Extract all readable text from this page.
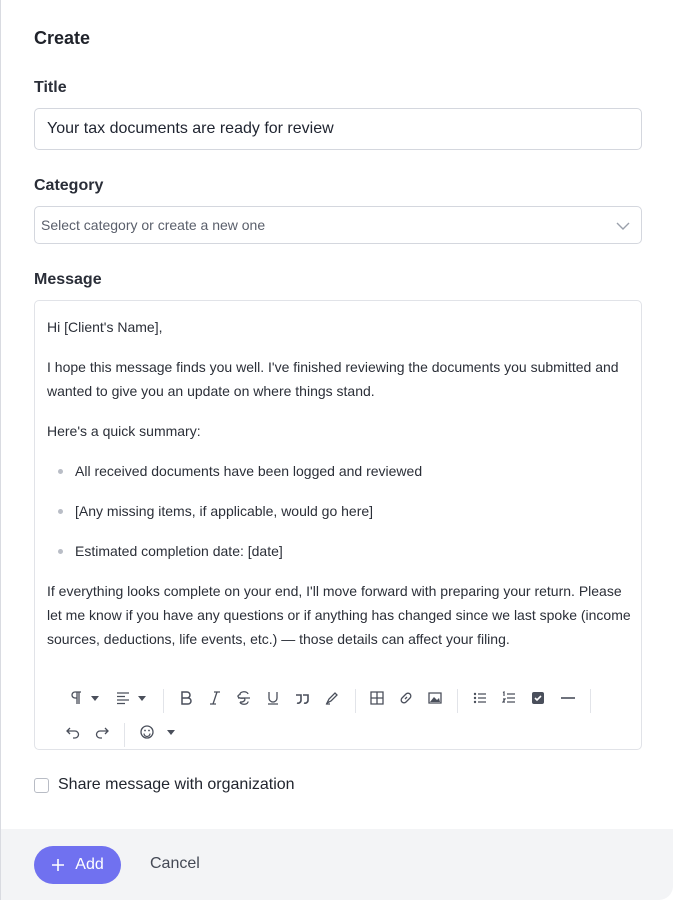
Create
Title
Your tax documents are ready for review
Category
Select category or create a new one
Message

Hi [Client's Name],

I hope this message finds you well. I've finished reviewing the documents you submitted and wanted to give you an update on where things stand.

Here's a quick summary:

All received documents have been logged and reviewed
[Any missing items, if applicable, would go here]
Estimated completion date: [date]

If everything looks complete on your end, I'll move forward with preparing your return. Please let me know if you have any questions or if anything has changed since we last spoke (income sources, deductions, life events, etc.) — those details can affect your filing.

Share message with organization
Add	Cancel
